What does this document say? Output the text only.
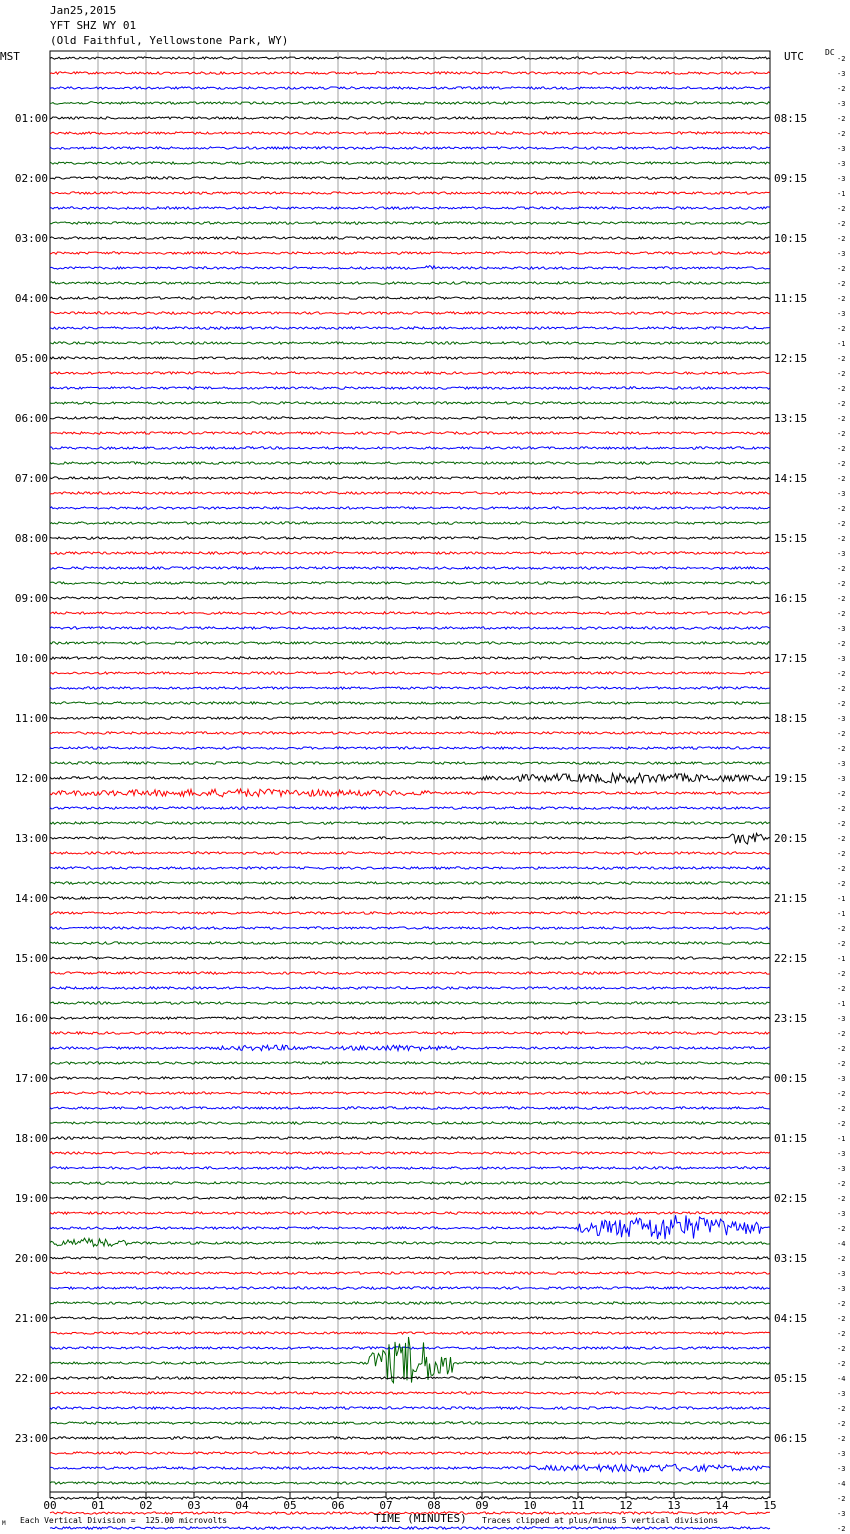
Jan25,2015
YFT SHZ WY 01
(Old Faithful, Yellowstone Park, WY)
MST	UTC	DC
00	01	02	03	04	05	06	07	08	09	10	11	12	13	14	15
-2
-3
-2
-3
-2
-2
-3
-3
-3
-1
-2
-2
-2
-3
-2
-2
-2
-3
-2
-1
-2
-2
-2
-2
-2
-2
-2
-2
-2
-3
-2
-2
-2
-3
-2
-2
-2
-2
-3
-2
-3
-2
-2
-2
-3
-2
-2
-3
-3
-2
-2
-2
-2
-2
-2
-2
-1
-1
-2
-2
-1
-2
-2
-1
-3
-2
-2
-2
-3
-2
-2
-2
-1
-3
-3
-2
-2
-3
-2
-4
-2
-3
-3
-2
-2
-2
-2
-2
-4
-3
-2
-2
-2
-3
-3
-4
-2
-3
-2
01:00
02:00
03:00
04:00
05:00
06:00
07:00
08:00
09:00
10:00
11:00
12:00
13:00
14:00
15:00
16:00
17:00
18:00
19:00
20:00
21:00
22:00
23:00
08:15
09:15
10:15
11:15
12:15
13:15
14:15
15:15
16:15
17:15
18:15
19:15
20:15
21:15
22:15
23:15
00:15
01:15
02:15
03:15
04:15
05:15
06:15
Each Vertical Division =  125.00 microvolts	TIME (MINUTES) Traces clipped at plus/minus 5 vertical divisions
M
